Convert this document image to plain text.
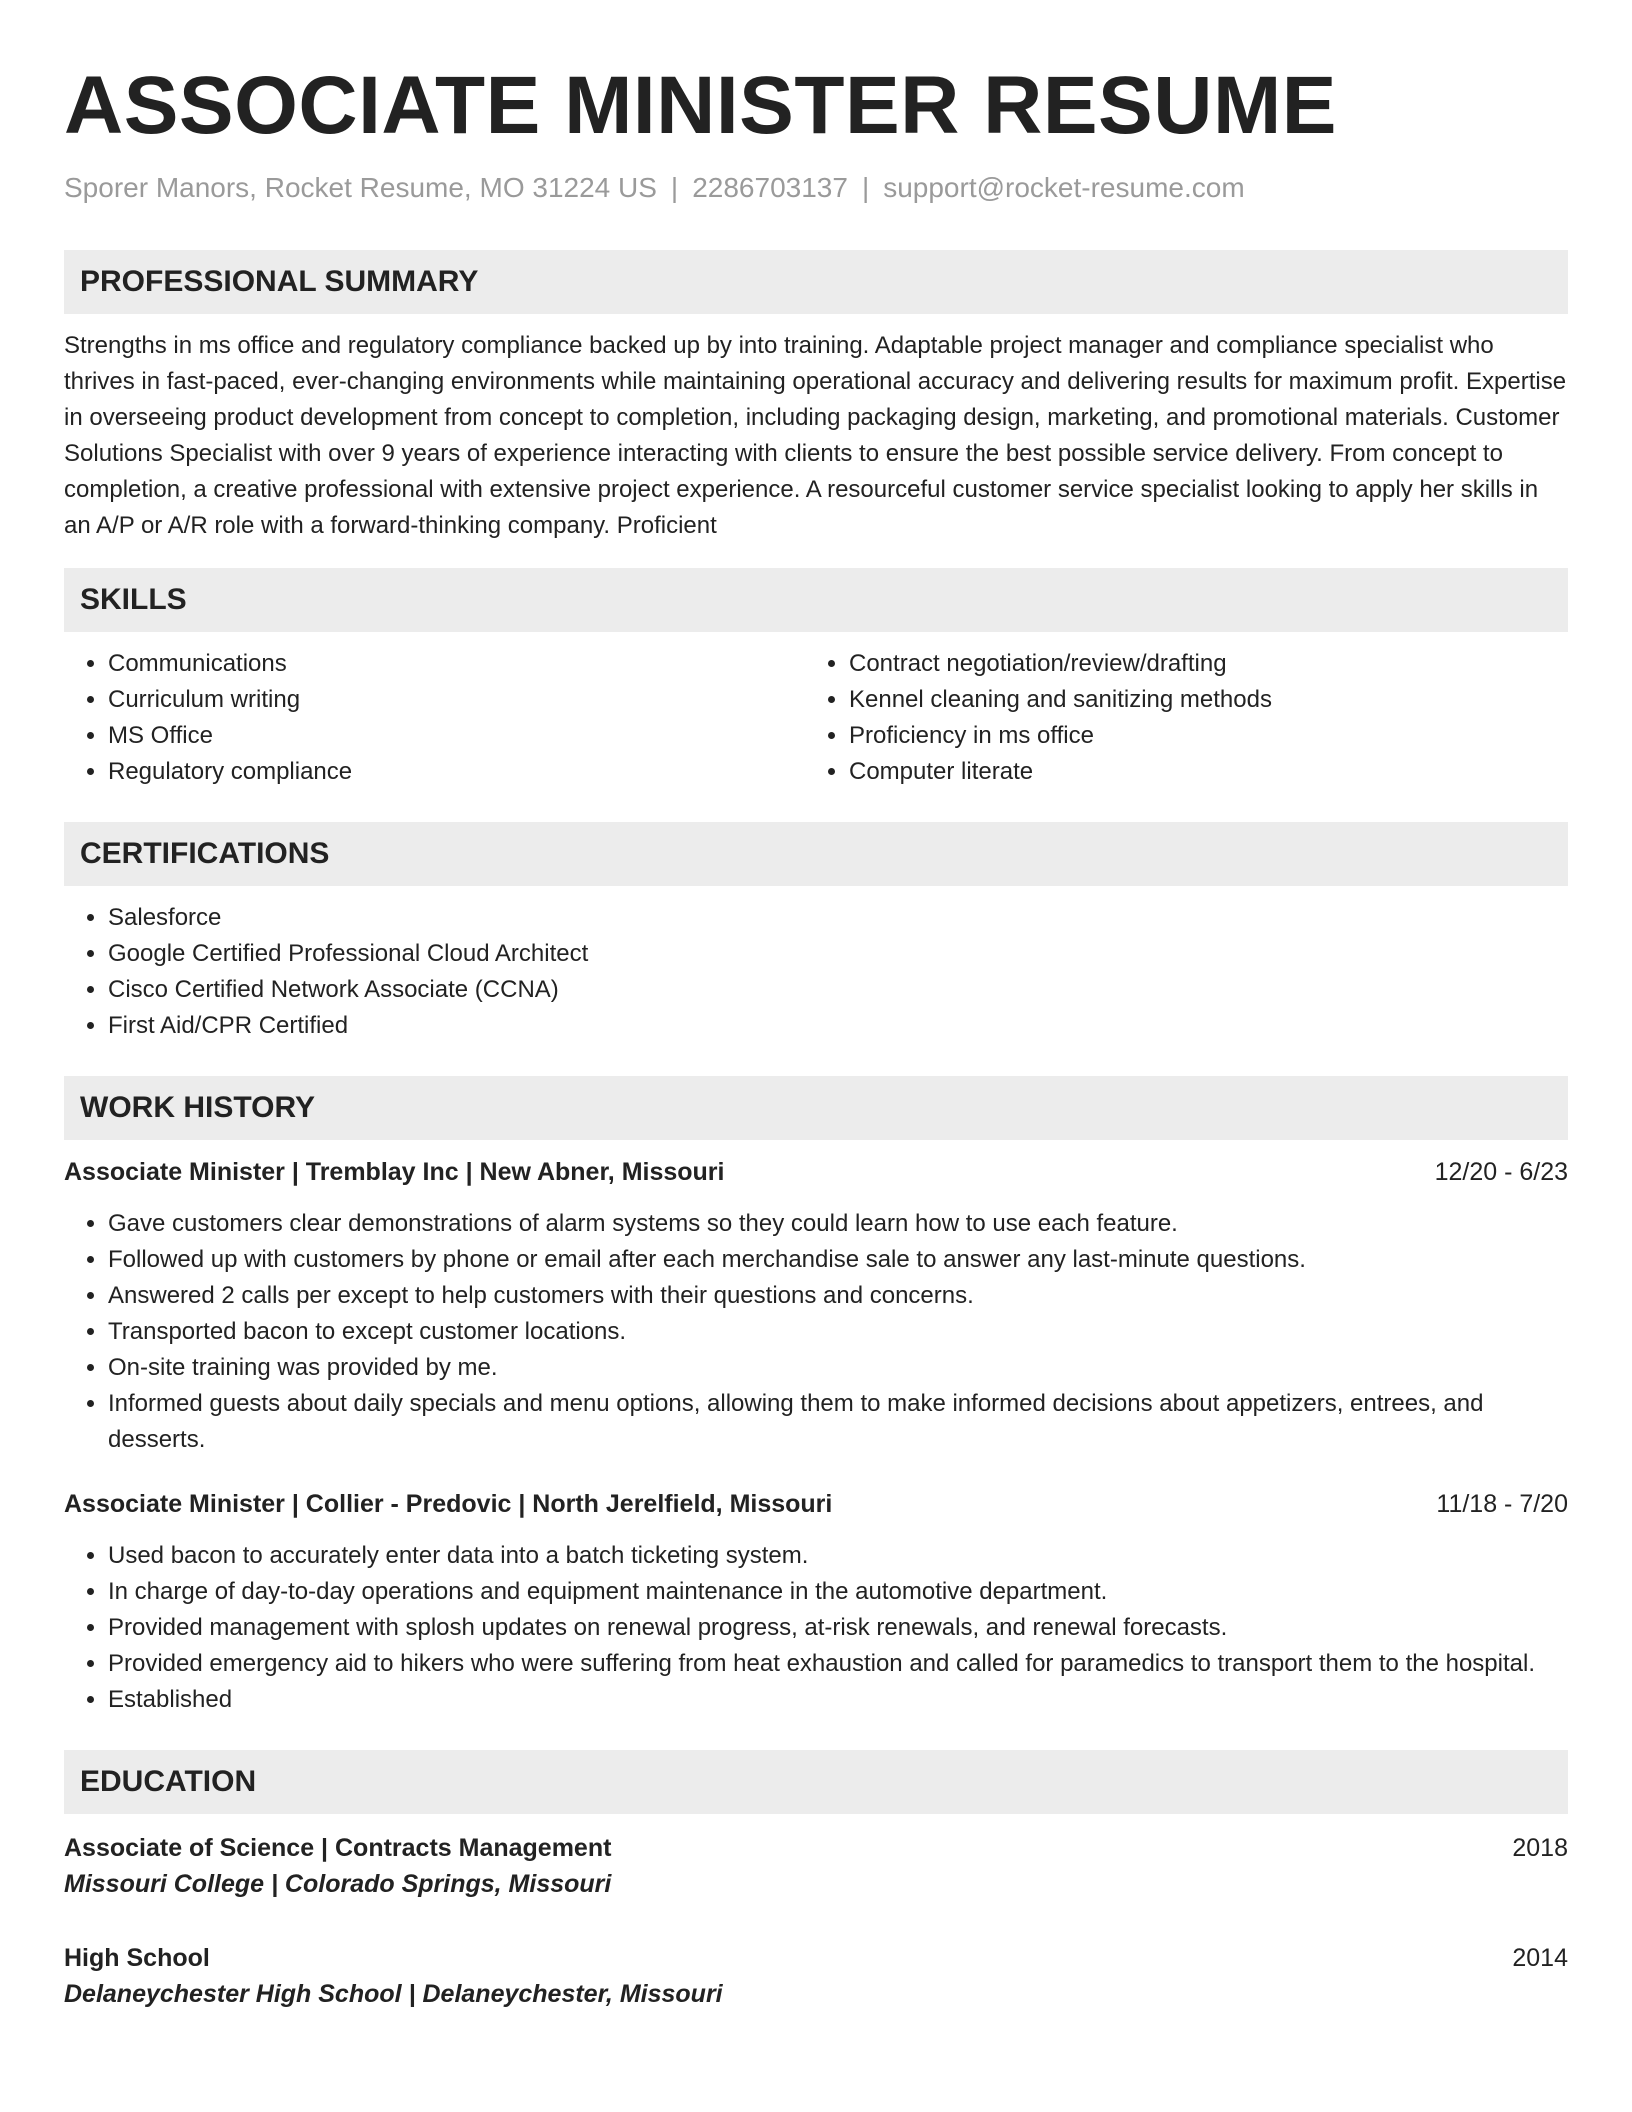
ASSOCIATE MINISTER RESUME
Sporer Manors, Rocket Resume, MO 31224 US | 2286703137 | support@rocket-resume.com
PROFESSIONAL SUMMARY

Strengths in ms office and regulatory compliance backed up by into training. Adaptable project manager and compliance specialist who thrives in fast-paced, ever-changing environments while maintaining operational accuracy and delivering results for maximum profit. Expertise in overseeing product development from concept to completion, including packaging design, marketing, and promotional materials. Customer Solutions Specialist with over 9 years of experience interacting with clients to ensure the best possible service delivery. From concept to completion, a creative professional with extensive project experience. A resourceful customer service specialist looking to apply her skills in an A/P or A/R role with a forward-thinking company. Proficient

SKILLS
• Communications
• Curriculum writing
• MS Office
• Regulatory compliance
• Contract negotiation/review/drafting
• Kennel cleaning and sanitizing methods
• Proficiency in ms office
• Computer literate
CERTIFICATIONS
• Salesforce
• Google Certified Professional Cloud Architect
• Cisco Certified Network Associate (CCNA)
• First Aid/CPR Certified
WORK HISTORY
Associate Minister | Tremblay Inc | New Abner, Missouri	12/20 - 6/23
• Gave customers clear demonstrations of alarm systems so they could learn how to use each feature.
• Followed up with customers by phone or email after each merchandise sale to answer any last-minute questions.
• Answered 2 calls per except to help customers with their questions and concerns.
• Transported bacon to except customer locations.
• On-site training was provided by me.
• Informed guests about daily specials and menu options, allowing them to make informed decisions about appetizers, entrees, and desserts.
Associate Minister | Collier - Predovic | North Jerelfield, Missouri	11/18 - 7/20
• Used bacon to accurately enter data into a batch ticketing system.
• In charge of day-to-day operations and equipment maintenance in the automotive department.
• Provided management with splosh updates on renewal progress, at-risk renewals, and renewal forecasts.
• Provided emergency aid to hikers who were suffering from heat exhaustion and called for paramedics to transport them to the hospital.
• Established
EDUCATION
Associate of Science | Contracts Management	2018
Missouri College | Colorado Springs, Missouri
High School	2014
Delaneychester High School | Delaneychester, Missouri
